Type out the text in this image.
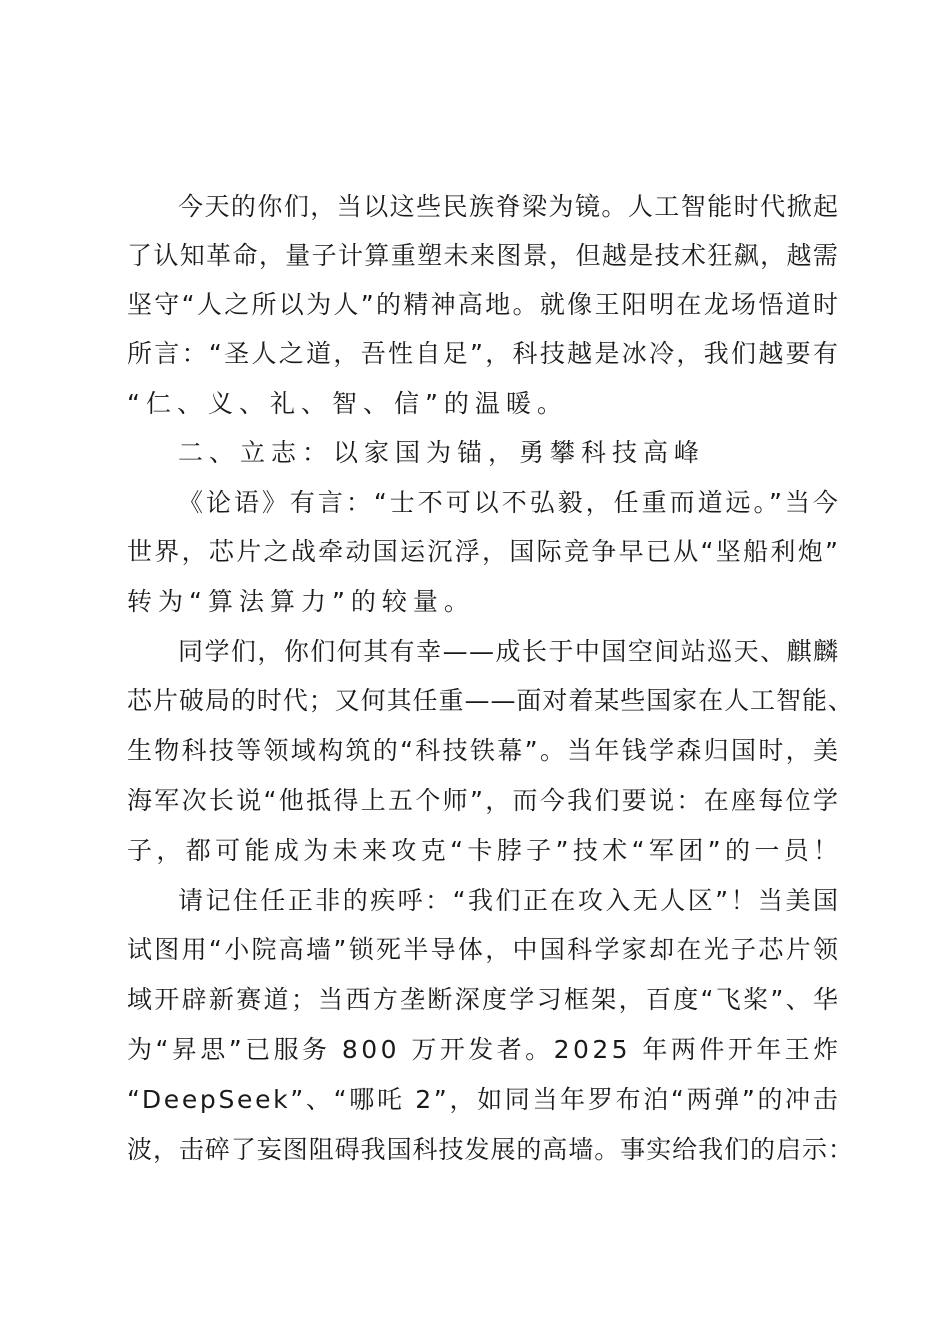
今天的你们，当以这些民族脊梁为镜。人工智能时代掀起
了认知革命，量子计算重塑未来图景，但越是技术狂飙，越需
坚守“人之所以为人”的精神高地。就像王阳明在龙场悟道时
所言：“圣人之道，吾性自足”，科技越是冰冷，我们越要有
“仁、义、礼、智、信”的温暖。
二、立志：以家国为锚，勇攀科技高峰
《论语》有言：“士不可以不弘毅，任重而道远。”当今
世界，芯片之战牵动国运沉浮，国际竞争早已从“坚船利炮”
转为“算法算力”的较量。
同学们，你们何其有幸——成长于中国空间站巡天、麒麟
芯片破局的时代；又何其任重——面对着某些国家在人工智能、
生物科技等领域构筑的“科技铁幕”。当年钱学森归国时，美
海军次长说“他抵得上五个师”，而今我们要说：在座每位学
子，都可能成为未来攻克“卡脖子”技术“军团”的一员！
请记住任正非的疾呼：“我们正在攻入无人区”！当美国
试图用“小院高墙”锁死半导体，中国科学家却在光子芯片领
域开辟新赛道；当西方垄断深度学习框架，百度“飞桨”、华
为“昇思”已服务 800 万开发者。2025 年两件开年王炸
“DeepSeek”、“哪吒 2”，如同当年罗布泊“两弹”的冲击
波，击碎了妄图阻碍我国科技发展的高墙。事实给我们的启示：
